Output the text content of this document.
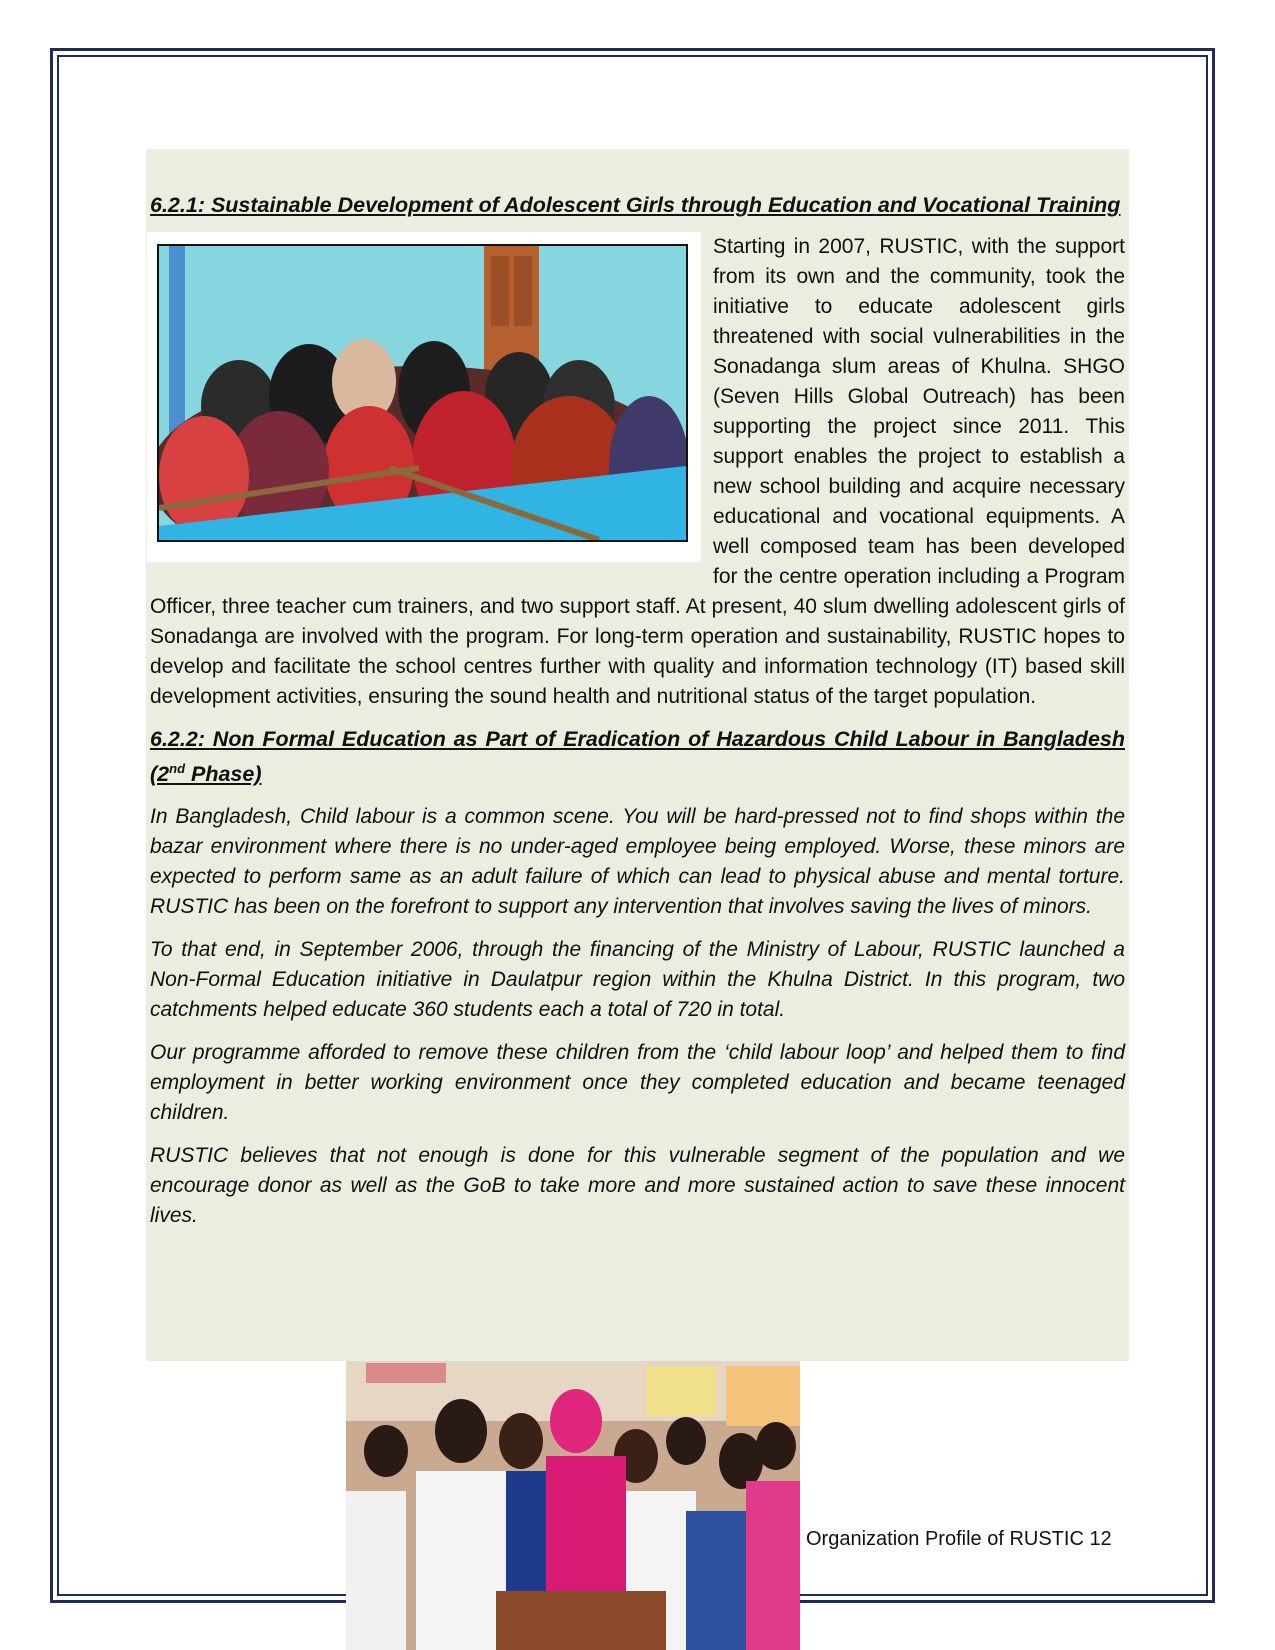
6.2.1: Sustainable Development of Adolescent Girls through Education and Vocational Training

Starting in 2007, RUSTIC, with the support from its own and the community, took the initiative to educate adolescent girls threatened with social vulnerabilities in the Sonadanga slum areas of Khulna. SHGO (Seven Hills Global Outreach) has been supporting the project since 2011. This support enables the project to establish a new school building and acquire necessary educational and vocational equipments. A well composed team has been developed for the centre operation including a Program Officer, three teacher cum trainers, and two support staff. At present, 40 slum dwelling adolescent girls of Sonadanga are involved with the program. For long-term operation and sustainability, RUSTIC hopes to develop and facilitate the school centres further with quality and information technology (IT) based skill development activities, ensuring the sound health and nutritional status of the target population.

6.2.2: Non Formal Education as Part of Eradication of Hazardous Child Labour in Bangladesh (2nd Phase)

In Bangladesh, Child labour is a common scene. You will be hard-pressed not to find shops within the bazar environment where there is no under-aged employee being employed. Worse, these minors are expected to perform same as an adult failure of which can lead to physical abuse and mental torture. RUSTIC has been on the forefront to support any intervention that involves saving the lives of minors.

To that end, in September 2006, through the financing of the Ministry of Labour, RUSTIC launched a Non-Formal Education initiative in Daulatpur region within the Khulna District. In this program, two catchments helped educate 360 students each a total of 720 in total.

Our programme afforded to remove these children from the ‘child labour loop’ and helped them to find employment in better working environment once they completed education and became teenaged children.

RUSTIC believes that not enough is done for this vulnerable segment of the population and we encourage donor as well as the GoB to take more and more sustained action to save these innocent lives.

Organization Profile of RUSTIC 12
